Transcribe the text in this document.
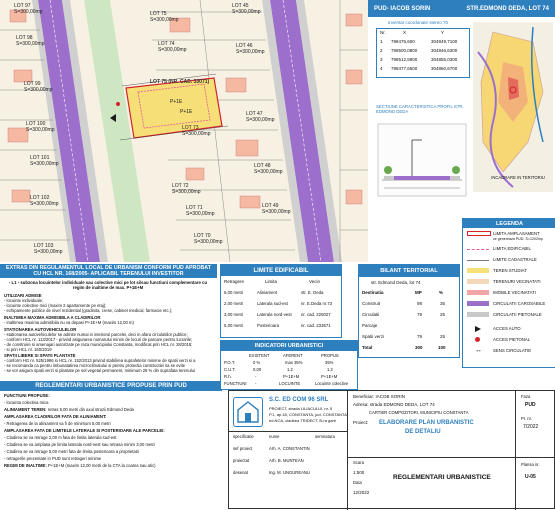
LOT 97
S=300,00mp
LOT 98
S=300,00mp
LOT 99
S=300,00mp
LOT 100
S=300,00mp
LOT 101
S=300,00mp
LOT 102
S=300,00mp
LOT 103
S=300,00mp
LOT 75
S=300,00mp
LOT 74
S=300,00mp
LOT 73
S=300,00mp
LOT 72
S=300,00mp
LOT 71
S=300,00mp
LOT 70
S=300,00mp
LOT 45
S=300,00mp
LOT 46
S=300,00mp
LOT 47
S=300,00mp
LOT 48
S=300,00mp
LOT 49
S=300,00mp
LOT 75 (NR. CAD. 33071)
P+1E
P+1E
PUD- IACOB SORIN	STR.EDMOND DEDA, LOT 74
Inventar coordonate stereo 70
Nr.	X	Y
1 798475,600	304849,7100
2 798500,0800	304846,6300
3 798512,5900	304855,0300
4 798477,6500	304860,6700
SECTIUNE CARACTERISTICA PROFIL STR. EDMOND DEDA
INCADRARE IN TERITORIU
LEGENDA
LIMITA AMPLASAMENT
ce genereaza PUD- S=1202mp
LIMITA EDIFICABIL
LIMITE CADASTRALE
TEREN STUDIAT
TERENURI VECINATATI
IMOBILE VECINATATI
CIRCULATII CAROSABILE
CIRCULATII PIETONALE
ACCES AUTO
ACCES PIETONAL
↔	SENS CIRCULATIE
EXTRAS DIN REGULAMENTUL LOCAL DE URBANISM CONFORM PUD APROBAT CU HCL NR. 168/2005- APLICABIL TERENULUI INVESTITOR
- L1 - subzona locuintelor individuale sau colective mici pe lot si/sau functiuni complementare cu regim de inaltime de max. P+1E+M
UTILIZARI ADMISE
- locuinte individuale;
- locuinte colective mici (maxim 2 apartamente pe etaj);
- echipamente publice de nivel rezidential (gradinita, crese, cabinet medical, farmacie etc.);
INALTIMEA MAXIMA ADMISIBILA A CLADIRILOR
- inaltimea maxima admisibila nu va depasi P+1E+M (maxim 12,00 m)
STATIONAREA AUTOVEHICULELOR
- stationarea autovehiculelor se admite numai in interiorul parcelei, deci in afara circulatiilor publice;
- conform HCL nr. 113/2017 - privind asigurarea numarului minim de locuri de parcare pentru lucrarile;
- de construire si amenajari autorizate pe raza municipiului Constanta, modificat prin HCL nr. 28/2018;
- si prin HCL nr. 150/2019
SPATII LIBERE SI SPATII PLANTATE
- conform HG nr. 525/1996 si HCL nr. 152/2013 privind stabilirea suprafetelor minime de spatii verzi si a
- se recomanda ca pentru imbunatatirea microclimatului si pentru protectia constructiei sa se evite
- se vor asigura spatii verzi si plantate pe sol vegetal permanent, minimum 25 % din suprafata terenului
REGLEMENTARI URBANISTICE PROPUSE PRIN PUD
FUNCTIUNI PROPUSE:
- locuinta colectiva mica
ALINIAMENT TEREN: retras 5,00 metri din axul strazii Edmond Deda
AMPLASAREA CLADIRILOR FATA DE ALINIAMENT:
- Retragerea de la aliniament va fi de minimum 5,00 metri
AMPLASAREA FATA DE LIMITELE LATERALE SI POSTERIOARE ALE PARCELEI:
- Cladirea se va retrage 2,00 m fata de limita laterala sud-est
- Cladirea se va amplasa pe limita laterala nord-vest sau retrasa minim 3,00 metri
- Cladirea se va retrage 5,00 metri fata de limita posterioara a proprietatii
- retragerile prezentate in PUD sunt retrageri minime
REGIM DE INALTIME: P+1E+M (maxim 12,00 metri de la CTA la coama sau atic)
LIMITE EDIFICABIL
Retragere	Limita	Vecin
5,00 metri	Aliniament	str. E. Deda
2,00 metri	Laterala sud-est	nr. E.Deda nr.73
3,00 metri	Laterala nord-vest nr. cad. 225027
5,00 metri	Posterioara	nr. cad. 233671
INDICATORI URBANISTICI
EXISTENT	AFERENT	PROPUS
P.O.T.	0 %	max 35%	35%
C.U.T.	0,00	1.2	1.2
R.h.	-	P+1E+M	P+1E+M
FUNCTIUNI -	LOCUINTE	Locuinte colective
BILANT TERITORIAL
str. Edmond Deda, lot 74
Destinatia	MP	%
Construit	98	35
Circulatii	79	25
Parcaje
Spatii verzi	79	25
Total	300	100
S.C. ED COM 96 SRL
PROIECT, strada LILIACULUI, nr. 5
P.1, ap.18, CONSTANTA, jud. CONSTANTA,
ed.NCA, cladirea TRIDECT, B-ra gare
Beneficiar: IACOB SORIN
Adresa: strada EDMOND DEDA, LOT 74
CARTIER COMPOZITORI, MUNICIPIU CONSTANTA
Proiect: ELABORARE PLAN URBANISTIC
DE DETALIU
specificatie	nume	semnatura
sef proiect	Arh. A. CONSTANTIN
proiectat	Arh. B. MUNTEAN
desenat	Ing. M. UNGUREANU
Scara
1:500
Data
12/2022
REGLEMENTARI URBANISTICE
Faza
PUD
Pr. nr.
7/2022
Plansa nr.
U-05
